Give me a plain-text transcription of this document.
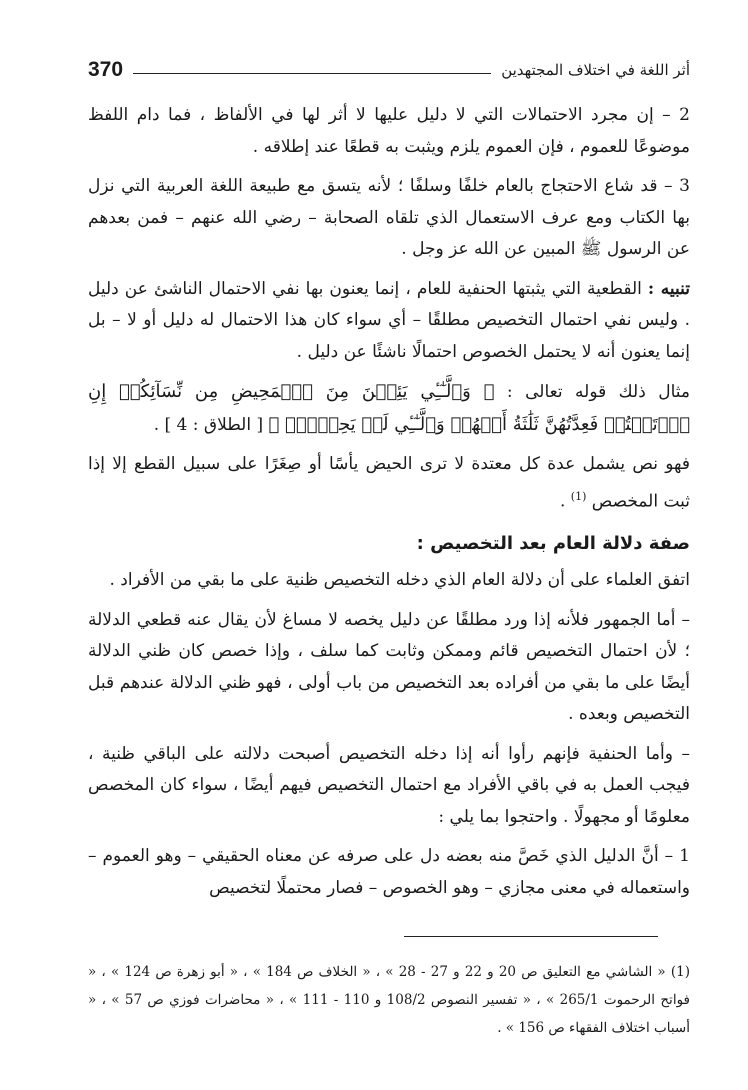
370	أثر اللغة في اختلاف المجتهدين

2 – إن مجرد الاحتمالات التي لا دليل عليها لا أثر لها في الألفاظ ، فما دام اللفظ موضوعًا للعموم ، فإن العموم يلزم ويثبت به قطعًا عند إطلاقه .

3 – قد شاع الاحتجاج بالعام خلفًا وسلفًا ؛ لأنه يتسق مع طبيعة اللغة العربية التي نزل بها الكتاب ومع عرف الاستعمال الذي تلقاه الصحابة – رضي الله عنهم – فمن بعدهم عن الرسول ﷺ المبين عن الله عز وجل .

تنبيه : القطعية التي يثبتها الحنفية للعام ، إنما يعنون بها نفي الاحتمال الناشئ عن دليل . وليس نفي احتمال التخصيص مطلقًا – أي سواء كان هذا الاحتمال له دليل أو لا – بل إنما يعنون أنه لا يحتمل الخصوص احتمالًا ناشئًا عن دليل .

مثال ذلك قوله تعالى : ﴿ وَٱلَّـٰٓـِٔي يَئِسۡنَ مِنَ ٱلۡمَحِيضِ مِن نِّسَآئِكُمۡ إِنِ ٱرۡتَبۡتُمۡ فَعِدَّتُهُنَّ ثَلَٰثَةُ أَشۡهُرٖ وَٱلَّـٰٓـِٔي لَمۡ يَحِضۡنَۚ ﴾ [ الطلاق : 4 ] .

فهو نص يشمل عدة كل معتدة لا ترى الحيض يأسًا أو صِغَرًا على سبيل القطع إلا إذا ثبت المخصص $^{(1)}$ .

صفة دلالة العام بعد التخصيص :

اتفق العلماء على أن دلالة العام الذي دخله التخصيص ظنية على ما بقي من الأفراد .

– أما الجمهور فلأنه إذا ورد مطلقًا عن دليل يخصه لا مساغ لأن يقال عنه قطعي الدلالة ؛ لأن احتمال التخصيص قائم وممكن وثابت كما سلف ، وإذا خصص كان ظني الدلالة أيضًا على ما بقي من أفراده بعد التخصيص من باب أولى ، فهو ظني الدلالة عندهم قبل التخصيص وبعده .

– وأما الحنفية فإنهم رأوا أنه إذا دخله التخصيص أصبحت دلالته على الباقي ظنية ، فيجب العمل به في باقي الأفراد مع احتمال التخصيص فيهم أيضًا ، سواء كان المخصص معلومًا أو مجهولًا . واحتجوا بما يلي :

1 – أنَّ الدليل الذي خَصَّ منه بعضه دل على صرفه عن معناه الحقيقي – وهو العموم – واستعماله في معنى مجازي – وهو الخصوص – فصار محتملًا لتخصيص

(1) « الشاشي مع التعليق ص 20 و 22 و 27 - 28 » ، « الخلاف ص 184 » ، « أبو زهرة ص 124 » ، « فواتح الرحموت 265/1 » ، « تفسير النصوص 108/2 و 110 - 111 » ، « محاضرات فوزي ص 57 » ، « أسباب اختلاف الفقهاء ص 156 » .
